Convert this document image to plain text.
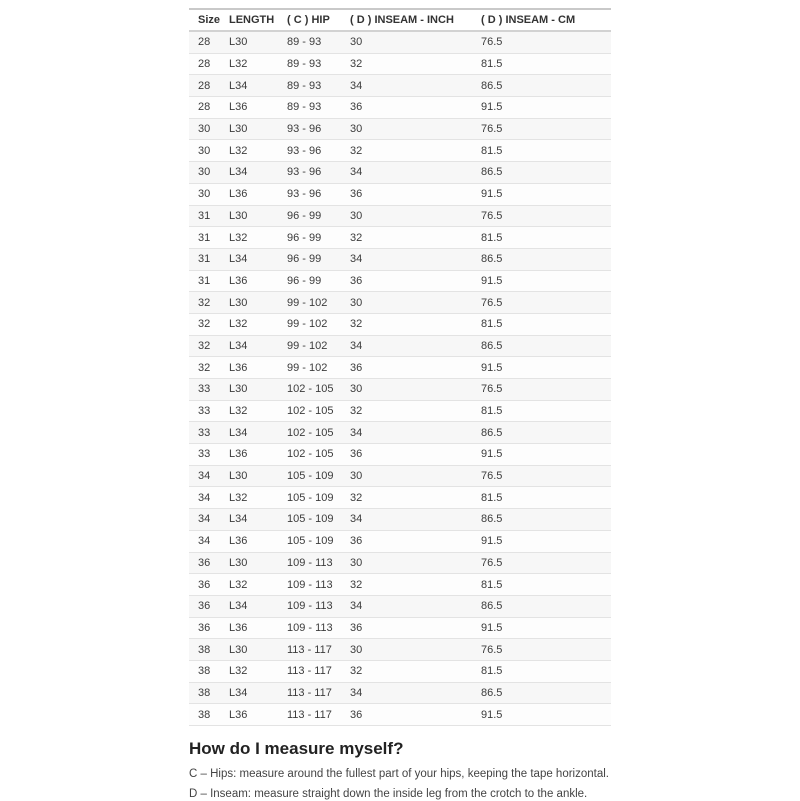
Size	LENGTH	( C ) HIP	( D ) INSEAM - INCH	( D ) INSEAM - CM
28	L30	89 - 93	30	76.5
28	L32	89 - 93	32	81.5
28	L34	89 - 93	34	86.5
28	L36	89 - 93	36	91.5
30	L30	93 - 96	30	76.5
30	L32	93 - 96	32	81.5
30	L34	93 - 96	34	86.5
30	L36	93 - 96	36	91.5
31	L30	96 - 99	30	76.5
31	L32	96 - 99	32	81.5
31	L34	96 - 99	34	86.5
31	L36	96 - 99	36	91.5
32	L30	99 - 102	30	76.5
32	L32	99 - 102	32	81.5
32	L34	99 - 102	34	86.5
32	L36	99 - 102	36	91.5
33	L30	102 - 105	30	76.5
33	L32	102 - 105	32	81.5
33	L34	102 - 105	34	86.5
33	L36	102 - 105	36	91.5
34	L30	105 - 109	30	76.5
34	L32	105 - 109	32	81.5
34	L34	105 - 109	34	86.5
34	L36	105 - 109	36	91.5
36	L30	109 - 113	30	76.5
36	L32	109 - 113	32	81.5
36	L34	109 - 113	34	86.5
36	L36	109 - 113	36	91.5
38	L30	113 - 117	30	76.5
38	L32	113 - 117	32	81.5
38	L34	113 - 117	34	86.5
38	L36	113 - 117	36	91.5
How do I measure myself?

C – Hips: measure around the fullest part of your hips, keeping the tape horizontal.

D – Inseam: measure straight down the inside leg from the crotch to the ankle.
